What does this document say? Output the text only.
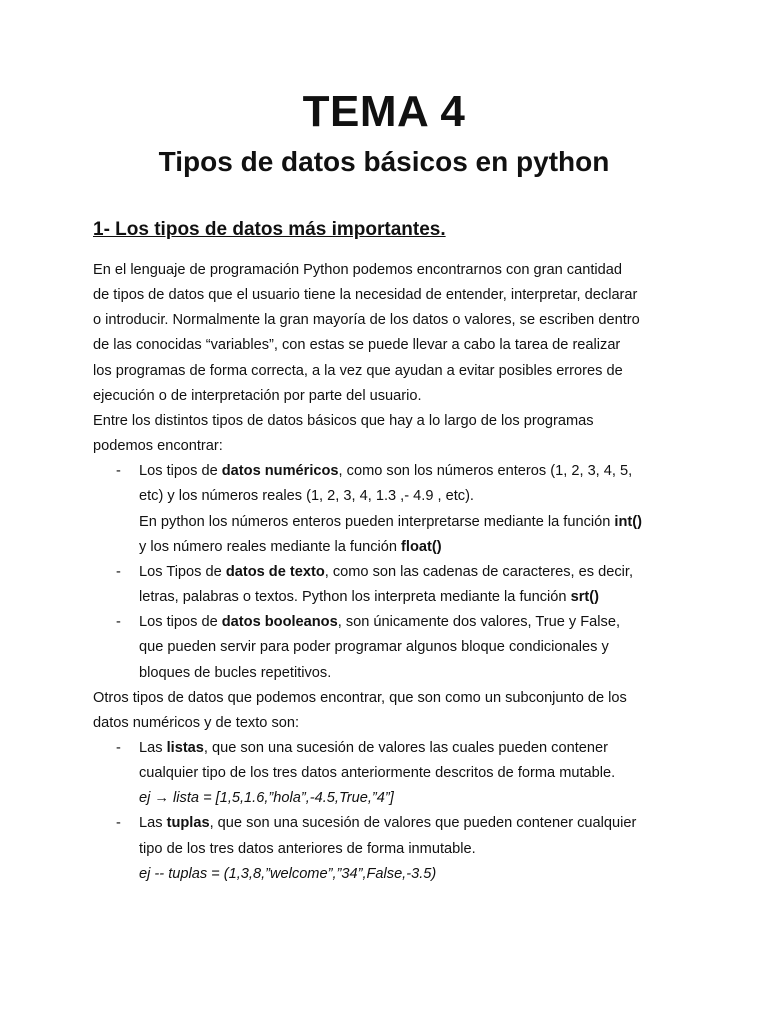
TEMA 4
Tipos de datos básicos en python
1- Los tipos de datos más importantes.

En el lenguaje de programación Python podemos encontrarnos con gran cantidad
de tipos de datos que el usuario tiene la necesidad de entender, interpretar, declarar
o introducir. Normalmente la gran mayoría de los datos o valores, se escriben dentro
de las conocidas “variables”, con estas se puede llevar a cabo la tarea de realizar
los programas de forma correcta, a la vez que ayudan a evitar posibles errores de
ejecución o de interpretación por parte del usuario.

Entre los distintos tipos de datos básicos que hay a lo largo de los programas
podemos encontrar:

- Los tipos de datos numéricos, como son los números enteros (1, 2, 3, 4, 5,
etc) y los números reales (1, 2, 3, 4, 1.3 ,- 4.9 , etc).
En python los números enteros pueden interpretarse mediante la función int()
y los número reales mediante la función float()
- Los Tipos de datos de texto, como son las cadenas de caracteres, es decir,
letras, palabras o textos. Python los interpreta mediante la función srt()
- Los tipos de datos booleanos, son únicamente dos valores, True y False,
que pueden servir para poder programar algunos bloque condicionales y
bloques de bucles repetitivos.

Otros tipos de datos que podemos encontrar, que son como un subconjunto de los
datos numéricos y de texto son:

- Las listas, que son una sucesión de valores las cuales pueden contener
cualquier tipo de los tres datos anteriormente descritos de forma mutable.
ej → lista = [1,5,1.6,”hola”,-4.5,True,”4”]
- Las tuplas, que son una sucesión de valores que pueden contener cualquier
tipo de los tres datos anteriores de forma inmutable.
ej -- tuplas = (1,3,8,”welcome”,”34”,False,-3.5)
